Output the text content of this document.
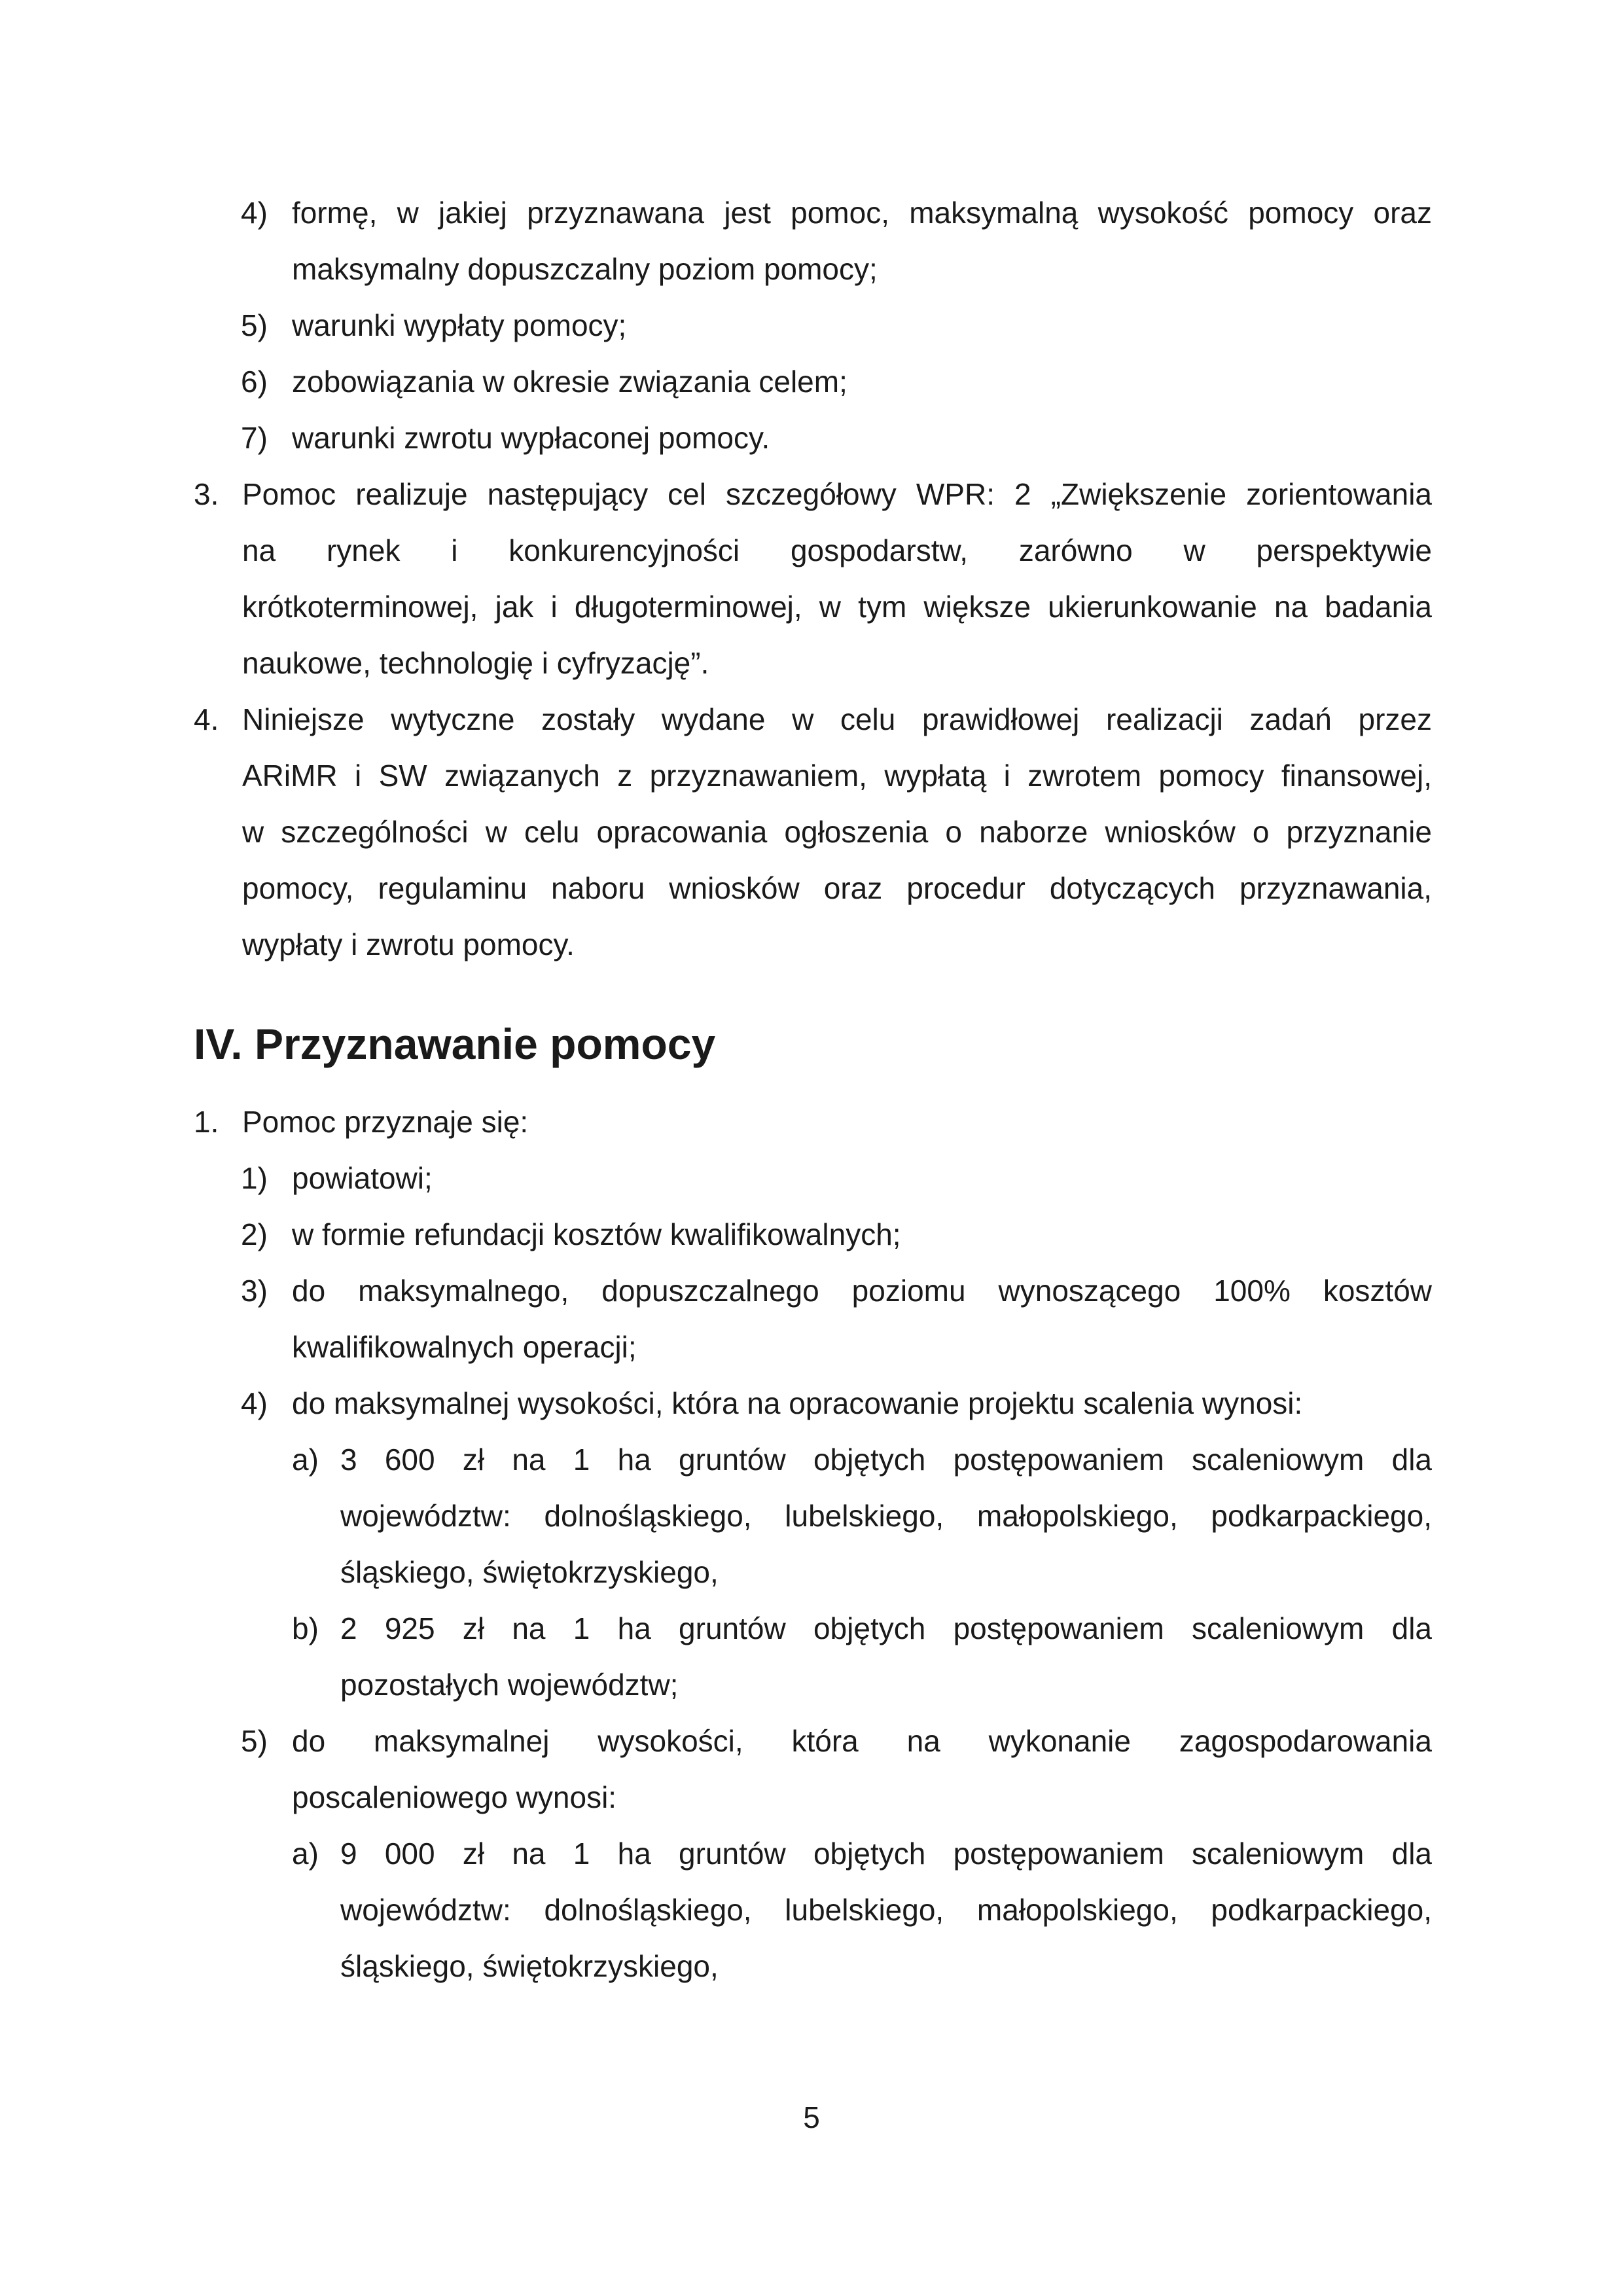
4) formę, w jakiej przyznawana jest pomoc, maksymalną wysokość pomocy oraz
maksymalny dopuszczalny poziom pomocy;
5) warunki wypłaty pomocy;
6) zobowiązania w okresie związania celem;
7) warunki zwrotu wypłaconej pomocy.
3. Pomoc realizuje następujący cel szczegółowy WPR: 2 „Zwiększenie zorientowania
na rynek i konkurencyjności gospodarstw, zarówno w perspektywie
krótkoterminowej, jak i długoterminowej, w tym większe ukierunkowanie na badania
naukowe, technologię i cyfryzację”.
4. Niniejsze wytyczne zostały wydane w celu prawidłowej realizacji zadań przez
ARiMR i SW związanych z przyznawaniem, wypłatą i zwrotem pomocy finansowej,
w szczególności w celu opracowania ogłoszenia o naborze wniosków o przyznanie
pomocy, regulaminu naboru wniosków oraz procedur dotyczących przyznawania,
wypłaty i zwrotu pomocy.
IV. Przyznawanie pomocy
1. Pomoc przyznaje się:
1) powiatowi;
2) w formie refundacji kosztów kwalifikowalnych;
3) do maksymalnego, dopuszczalnego poziomu wynoszącego 100% kosztów
kwalifikowalnych operacji;
4) do maksymalnej wysokości, która na opracowanie projektu scalenia wynosi:
a) 3 600 zł na 1 ha gruntów objętych postępowaniem scaleniowym dla
województw: dolnośląskiego, lubelskiego, małopolskiego, podkarpackiego,
śląskiego, świętokrzyskiego,
b) 2 925 zł na 1 ha gruntów objętych postępowaniem scaleniowym dla
pozostałych województw;
5) do maksymalnej wysokości, która na wykonanie zagospodarowania
poscaleniowego wynosi:
a) 9 000 zł na 1 ha gruntów objętych postępowaniem scaleniowym dla
województw: dolnośląskiego, lubelskiego, małopolskiego, podkarpackiego,
śląskiego, świętokrzyskiego,
5
